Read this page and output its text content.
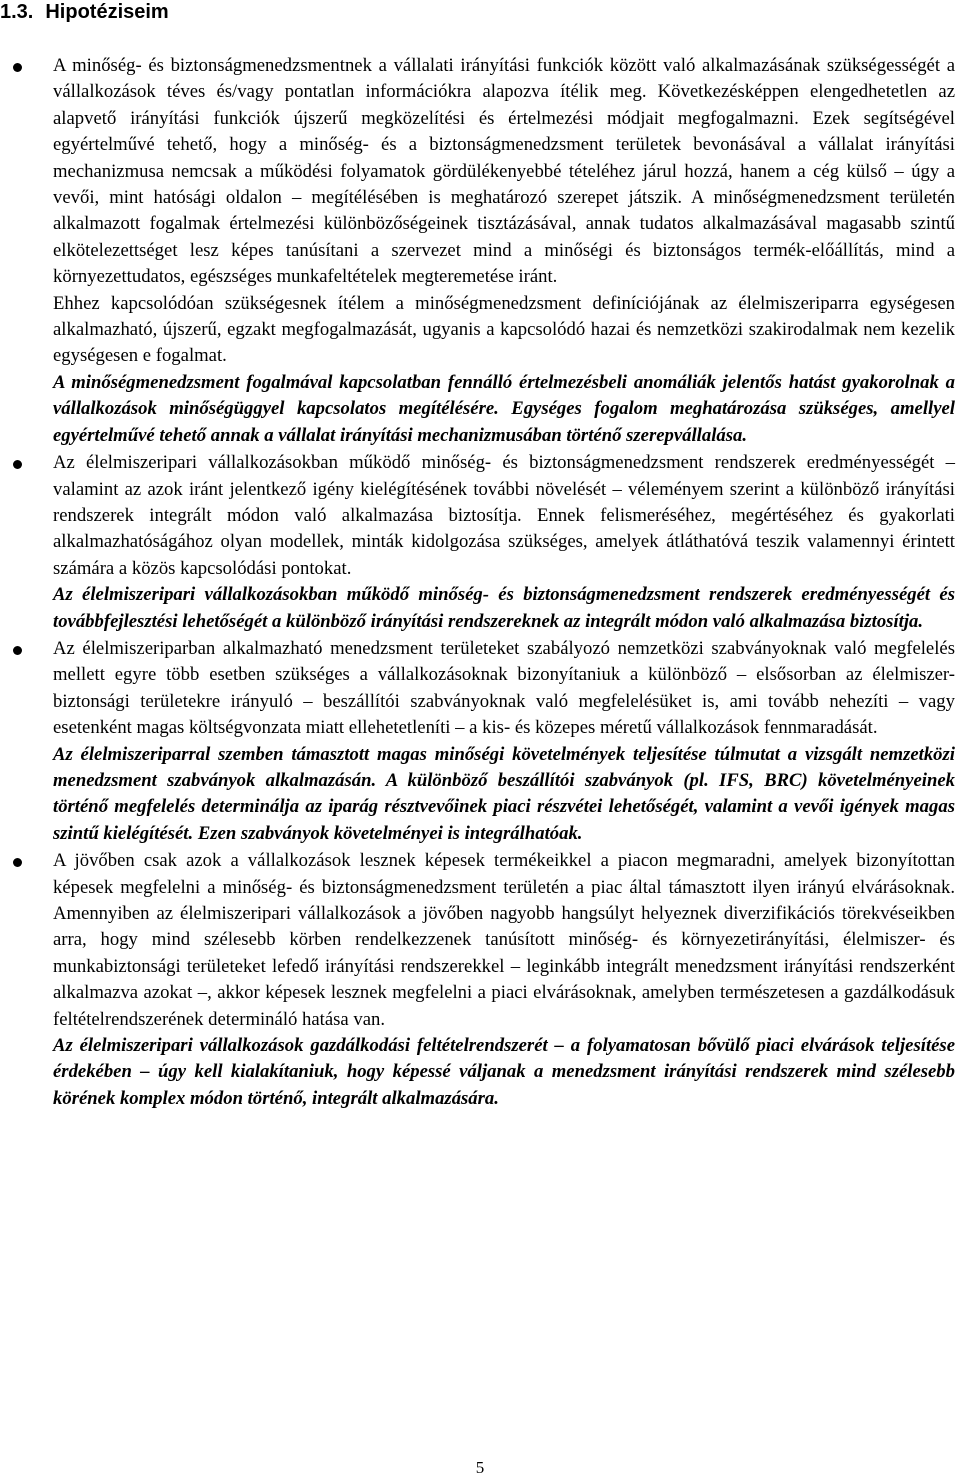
1.3. Hipotéziseim

A minőség- és biztonságmenedzsmentnek a vállalati irányítási funkciók között való alkalmazásának szükségességét a vállalkozások téves és/vagy pontatlan információkra alapozva ítélik meg. Következésképpen elengedhetetlen az alapvető irányítási funkciók újszerű megközelítési és értelmezési módjait megfogalmazni. Ezek segítségével egyértelművé tehető, hogy a minőség- és a biztonságmenedzsment területek bevonásával a vállalat irányítási mechanizmusa nemcsak a működési folyamatok gördülékenyebbé tételéhez járul hozzá, hanem a cég külső – úgy a vevői, mint hatósági oldalon – megítélésében is meghatározó szerepet játszik. A minőségmenedzsment területén alkalmazott fogalmak értelmezési különbözőségeinek tisztázásával, annak tudatos alkalmazásával magasabb szintű elkötelezettséget lesz képes tanúsítani a szervezet mind a minőségi és biztonságos termék-előállítás, mind a környezettudatos, egészséges munkafeltételek megteremetése iránt.

Ehhez kapcsolódóan szükségesnek ítélem a minőségmenedzsment definíciójának az élelmiszeriparra egységesen alkalmazható, újszerű, egzakt megfogalmazását, ugyanis a kapcsolódó hazai és nemzetközi szakirodalmak nem kezelik egységesen e fogalmat.

A minőségmenedzsment fogalmával kapcsolatban fennálló értelmezésbeli anomáliák jelentős hatást gyakorolnak a vállalkozások minőségüggyel kapcsolatos megítélésére. Egységes fogalom meghatározása szükséges, amellyel egyértelművé tehető annak a vállalat irányítási mechanizmusában történő szerepvállalása.

Az élelmiszeripari vállalkozásokban működő minőség- és biztonságmenedzsment rendszerek eredményességét – valamint az azok iránt jelentkező igény kielégítésének további növelését – véleményem szerint a különböző irányítási rendszerek integrált módon való alkalmazása biztosítja. Ennek felismeréséhez, megértéséhez és gyakorlati alkalmazhatóságához olyan modellek, minták kidolgozása szükséges, amelyek átláthatóvá teszik valamennyi érintett számára a közös kapcsolódási pontokat.

Az élelmiszeripari vállalkozásokban működő minőség- és biztonságmenedzsment rendszerek eredményességét és továbbfejlesztési lehetőségét a különböző irányítási rendszereknek az integrált módon való alkalmazása biztosítja.

Az élelmiszeriparban alkalmazható menedzsment területeket szabályozó nemzetközi szabványoknak való megfelelés mellett egyre több esetben szükséges a vállalkozásoknak bizonyítaniuk a különböző – elsősorban az élelmiszer-biztonsági területekre irányuló – beszállítói szabványoknak való megfelelésüket is, ami tovább nehezíti – vagy esetenként magas költségvonzata miatt ellehetetleníti – a kis- és közepes méretű vállalkozások fennmaradását.

Az élelmiszeriparral szemben támasztott magas minőségi követelmények teljesítése túlmutat a vizsgált nemzetközi menedzsment szabványok alkalmazásán. A különböző beszállítói szabványok (pl. IFS, BRC) követelményeinek történő megfelelés determinálja az iparág résztvevőinek piaci részvétei lehetőségét, valamint a vevői igények magas szintű kielégítését. Ezen szabványok követelményei is integrálhatóak.

A jövőben csak azok a vállalkozások lesznek képesek termékeikkel a piacon megmaradni, amelyek bizonyítottan képesek megfelelni a minőség- és biztonságmenedzsment területén a piac által támasztott ilyen irányú elvárásoknak. Amennyiben az élelmiszeripari vállalkozások a jövőben nagyobb hangsúlyt helyeznek diverzifikációs törekvéseikben arra, hogy mind szélesebb körben rendelkezzenek tanúsított minőség- és környezetirányítási, élelmiszer- és munkabiztonsági területeket lefedő irányítási rendszerekkel – leginkább integrált menedzsment irányítási rendszerként alkalmazva azokat –, akkor képesek lesznek megfelelni a piaci elvárásoknak, amelyben természetesen a gazdálkodásuk feltételrendszerének determináló hatása van.

Az élelmiszeripari vállalkozások gazdálkodási feltételrendszerét – a folyamatosan bővülő piaci elvárások teljesítése érdekében – úgy kell kialakítaniuk, hogy képessé váljanak a menedzsment irányítási rendszerek mind szélesebb körének komplex módon történő, integrált alkalmazására.

5
